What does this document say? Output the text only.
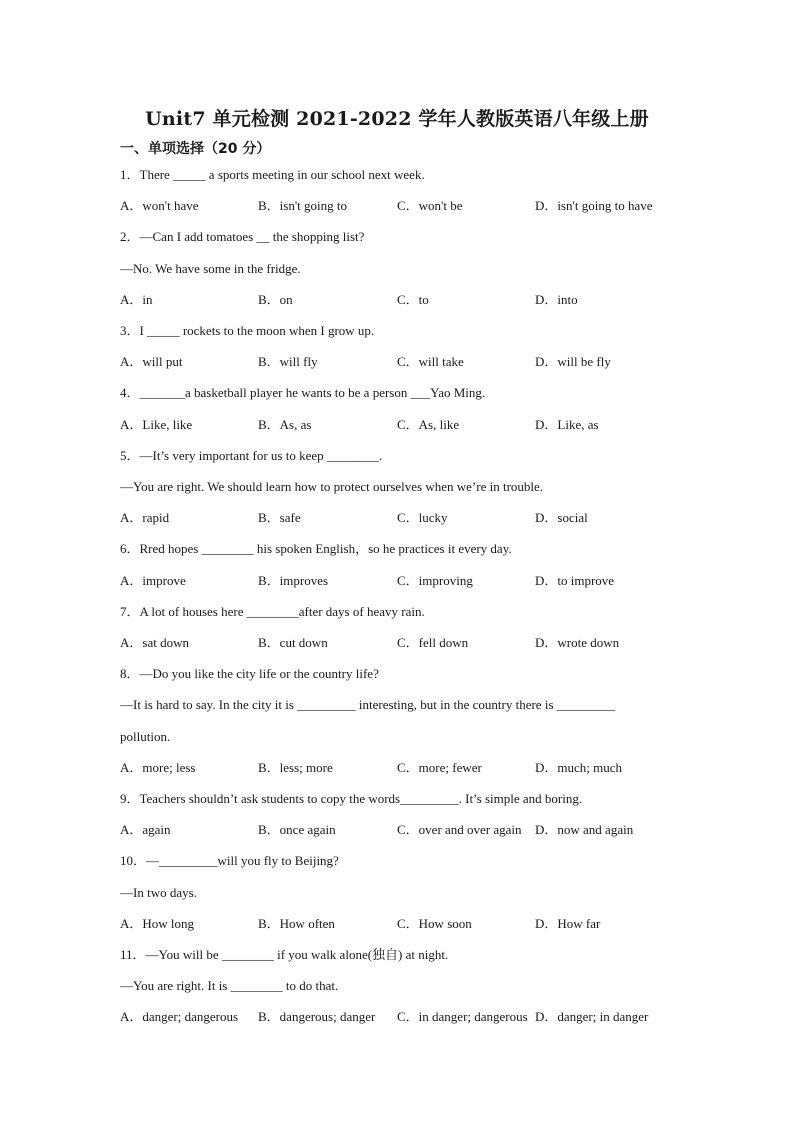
Unit7 单元检测 2021-2022 学年人教版英语八年级上册
一、单项选择（20 分）
1．There _____ a sports meeting in our school next week.
A．won't have	B．isn't going to	C．won't be	D．isn't going to have
2．—Can I add tomatoes __ the shopping list?
—No. We have some in the fridge.
A．in	B．on	C．to	D．into
3．I _____ rockets to the moon when I grow up.
A．will put	B．will fly	C．will take	D．will be fly
4．_______a basketball player he wants to be a person ___Yao Ming.
A．Like, like	B．As, as	C．As, like	D．Like, as
5．—It’s very important for us to keep ________.
—You are right. We should learn how to protect ourselves when we’re in trouble.
A．rapid	B．safe	C．lucky	D．social
6．Rred hopes ________ his spoken English，so he practices it every day.
A．improve	B．improves	C．improving	D．to improve
7．A lot of houses here ________after days of heavy rain.
A．sat down	B．cut down	C．fell down	D．wrote down
8．—Do you like the city life or the country life?
—It is hard to say. In the city it is _________ interesting, but in the country there is _________
pollution.
A．more; less	B．less; more	C．more; fewer	D．much; much
9．Teachers shouldn’t ask students to copy the words_________. It’s simple and boring.
A．again	B．once again	C．over and over again D．now and again
10．—_________will you fly to Beijing?
—In two days.
A．How long	B．How often	C．How soon	D．How far
11．—You will be ________ if you walk alone(独自) at night.
—You are right. It is ________ to do that.
A．danger; dangerous B．dangerous; danger C．in danger; dangerous D．danger; in danger
